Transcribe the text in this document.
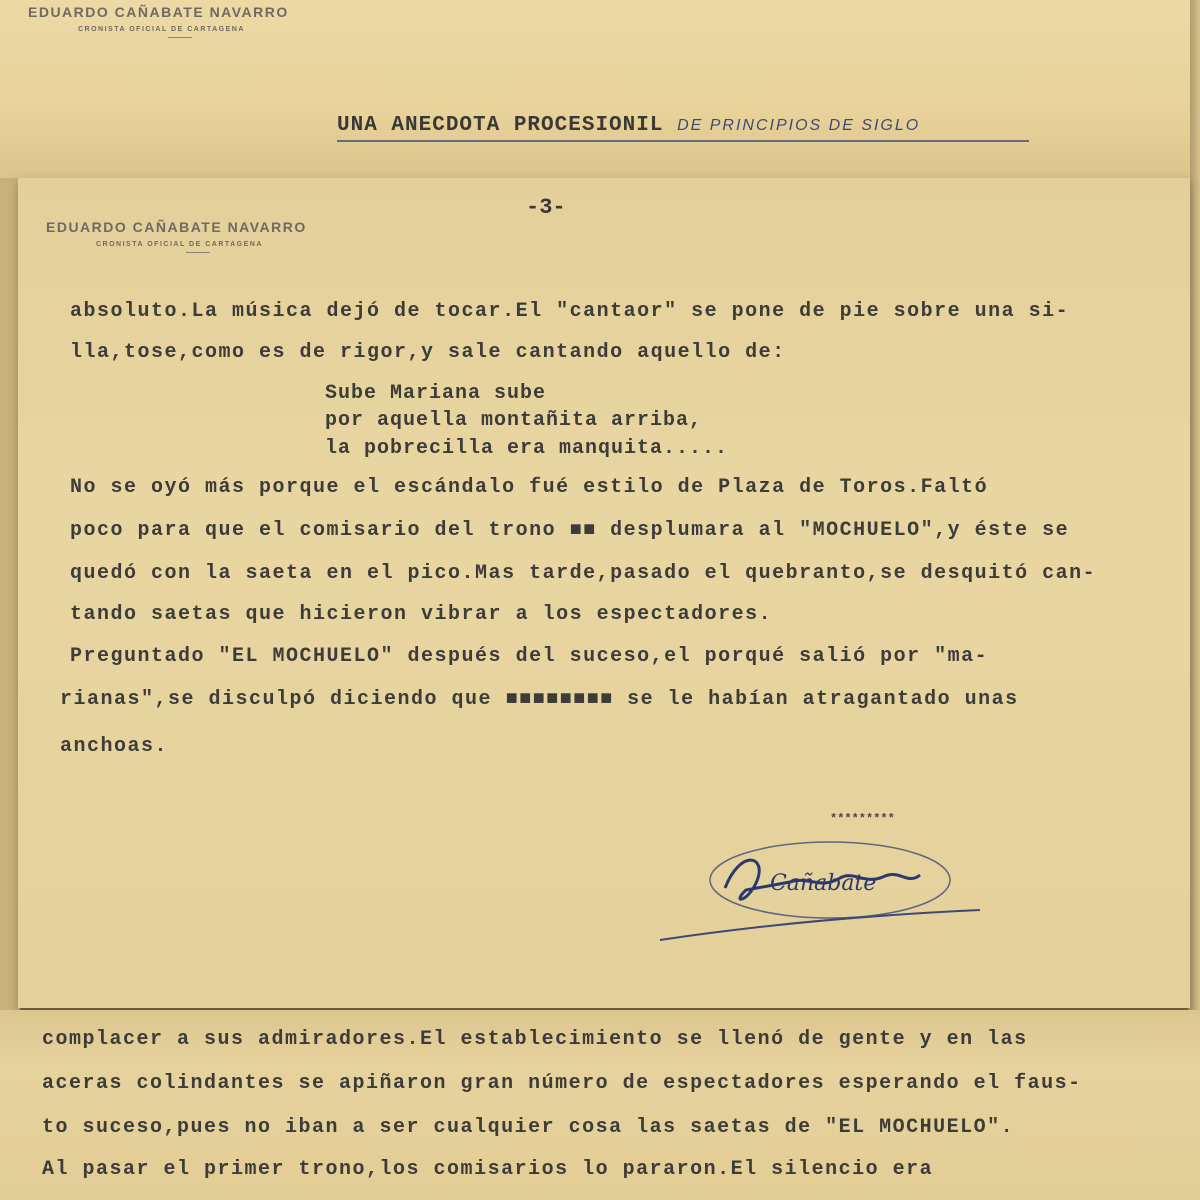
EDUARDO CAÑABATE NAVARRO
CRONISTA OFICIAL DE CARTAGENA
UNA ANECDOTA PROCESIONIL DE PRINCIPIOS DE SIGLO
-3-
EDUARDO CAÑABATE NAVARRO
CRONISTA OFICIAL DE CARTAGENA
absoluto.La música dejó de tocar.El "cantaor" se pone de pie sobre una si-
lla,tose,como es de rigor,y sale cantando aquello de:
Sube Mariana sube
por aquella montañita arriba,
la pobrecilla era manquita.....
No se oyó más porque el escándalo fué estilo de Plaza de Toros.Faltó
poco para que el comisario del trono ■■ desplumara al "MOCHUELO",y éste se
quedó con la saeta en el pico.Mas tarde,pasado el quebranto,se desquitó can-
tando saetas que hicieron vibrar a los espectadores.
Preguntado "EL MOCHUELO" después del suceso,el porqué salió por "ma-
rianas",se disculpó diciendo que ■■■■■■■■ se le habían atragantado unas
anchoas.
*********
Cañabate
complacer a sus admiradores.El establecimiento se llenó de gente y en las
aceras colindantes se apiñaron gran número de espectadores esperando el faus-
to suceso,pues no iban a ser cualquier cosa las saetas de "EL MOCHUELO".
Al pasar el primer trono,los comisarios lo pararon.El silencio era
